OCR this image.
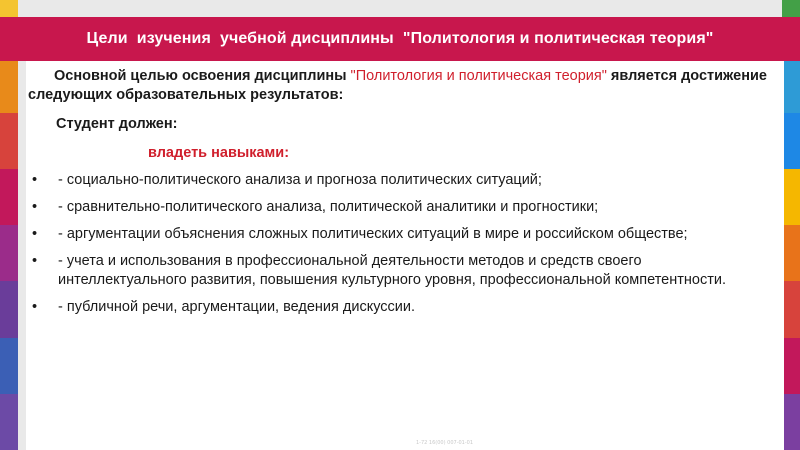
Цели  изучения  учебной дисциплины  "Политология и политическая теория"

Основной целью освоения дисциплины "Политология и политическая теория" является достижение следующих образовательных результатов:

Студент должен:

владеть навыками:

• - социально-политического анализа и прогноза политических ситуаций;
• - сравнительно-политического анализа, политической аналитики и прогностики;
• - аргументации объяснения сложных политических ситуаций в мире и российском обществе;
• - учета и использования в профессиональной деятельности методов и средств своего интеллектуального развития, повышения культурного уровня, профессиональной компетентности.
• - публичной речи, аргументации, ведения дискуссии.
1-72 16(00) 007-01-01
